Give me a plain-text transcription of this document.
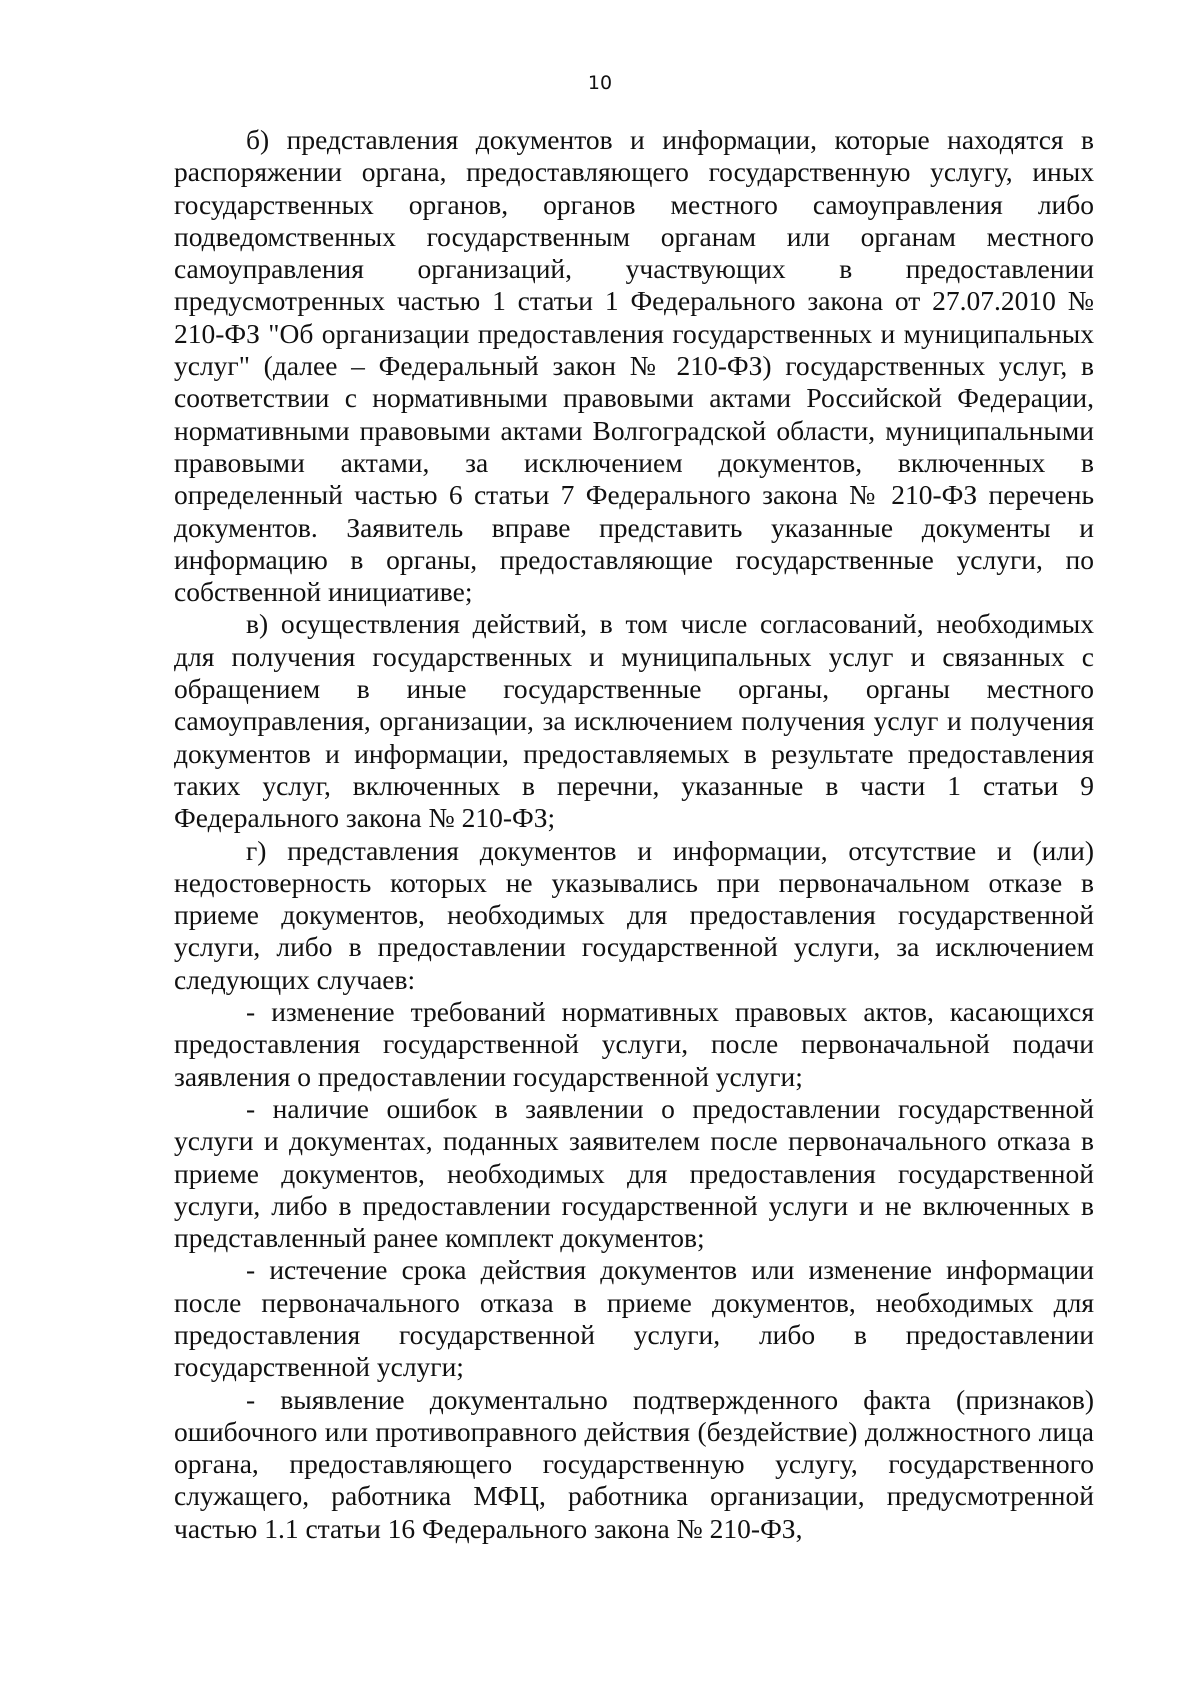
10

б) представления документов и информации, которые находятся в распоряжении органа, предоставляющего государственную услугу, иных государственных органов, органов местного самоуправления либо подведомственных государственным органам или органам местного самоуправления организаций, участвующих в предоставлении предусмотренных частью 1 статьи 1 Федерального закона от 27.07.2010 № 210-ФЗ "Об организации предоставления государственных и муниципальных услуг" (далее – Федеральный закон № 210-ФЗ) государственных услуг, в соответствии с нормативными правовыми актами Российской Федерации, нормативными правовыми актами Волгоградской области, муниципальными правовыми актами, за исключением документов, включенных в определенный частью 6 статьи 7 Федерального закона № 210-ФЗ перечень документов. Заявитель вправе представить указанные документы и информацию в органы, предоставляющие государственные услуги, по собственной инициативе;

в) осуществления действий, в том числе согласований, необходимых для получения государственных и муниципальных услуг и связанных с обращением в иные государственные органы, органы местного самоуправления, организации, за исключением получения услуг и получения документов и информации, предоставляемых в результате предоставления таких услуг, включенных в перечни, указанные в части 1 статьи 9 Федерального закона № 210-ФЗ;

г) представления документов и информации, отсутствие и (или) недостоверность которых не указывались при первоначальном отказе в приеме документов, необходимых для предоставления государственной услуги, либо в предоставлении государственной услуги, за исключением следующих случаев:

- изменение требований нормативных правовых актов, касающихся предоставления государственной услуги, после первоначальной подачи заявления о предоставлении государственной услуги;

- наличие ошибок в заявлении о предоставлении государственной услуги и документах, поданных заявителем после первоначального отказа в приеме документов, необходимых для предоставления государственной услуги, либо в предоставлении государственной услуги и не включенных в представленный ранее комплект документов;

- истечение срока действия документов или изменение информации после первоначального отказа в приеме документов, необходимых для предоставления государственной услуги, либо в предоставлении государственной услуги;

- выявление документально подтвержденного факта (признаков) ошибочного или противоправного действия (бездействие) должностного лица органа, предоставляющего государственную услугу, государственного служащего, работника МФЦ, работника организации, предусмотренной частью 1.1 статьи 16 Федерального закона № 210-ФЗ,
